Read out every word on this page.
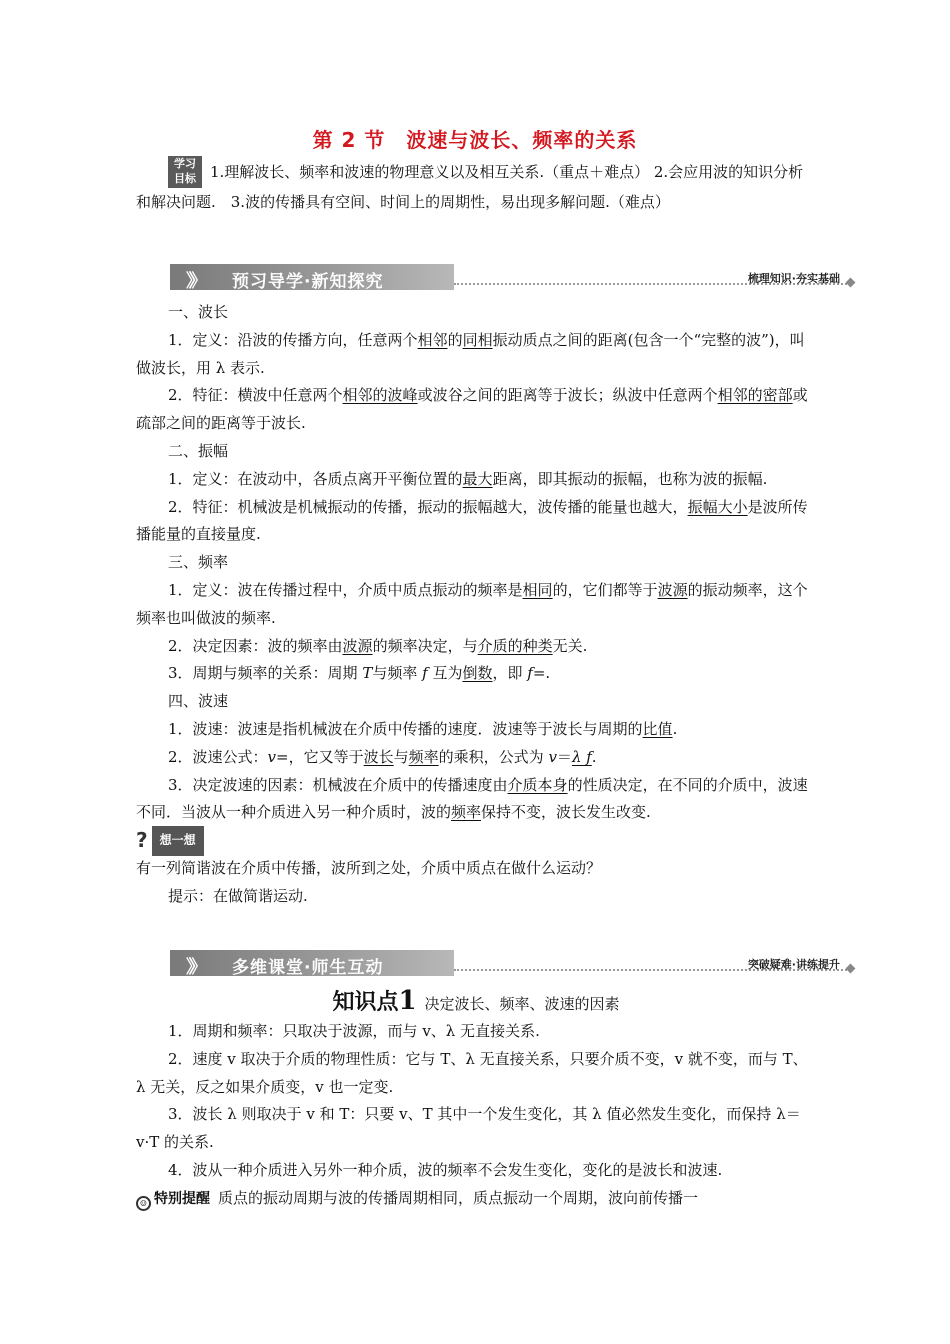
第 2 节　波速与波长、频率的关系
学习
目标 1.理解波长、频率和波速的物理意义以及相互关系.（重点＋难点） 2.会应用波的知识分析和解决问题.　3.波的传播具有空间、时间上的周期性，易出现多解问题.（难点）
》》 预习导学·新知探究	梳理知识·夯实基础

一、波长

1．定义：沿波的传播方向，任意两个相邻的同相振动质点之间的距离(包含一个“完整的波”)，叫做波长，用 λ 表示.

2．特征：横波中任意两个相邻的波峰或波谷之间的距离等于波长；纵波中任意两个相邻的密部或疏部之间的距离等于波长.

二、振幅

1．定义：在波动中，各质点离开平衡位置的最大距离，即其振动的振幅，也称为波的振幅.

2．特征：机械波是机械振动的传播，振动的振幅越大，波传播的能量也越大，振幅大小是波所传播能量的直接量度.

三、频率

1．定义：波在传播过程中，介质中质点振动的频率是相同的，它们都等于波源的振动频率，这个频率也叫做波的频率.

2．决定因素：波的频率由波源的频率决定，与介质的种类无关.

3．周期与频率的关系：周期 T与频率 f 互为倒数，即 f=.

四、波速

1．波速：波速是指机械波在介质中传播的速度．波速等于波长与周期的比值.

2．波速公式：v=，它又等于波长与频率的乘积，公式为 v＝λ f.

3．决定波速的因素：机械波在介质中的传播速度由介质本身的性质决定，在不同的介质中，波速不同．当波从一种介质进入另一种介质时，波的频率保持不变，波长发生改变.

?	想一想

有一列简谐波在介质中传播，波所到之处，介质中质点在做什么运动？

提示：在做简谐运动.

》》 多维课堂·师生互动	突破疑难·讲练提升
知识点1 决定波长、频率、波速的因素

1．周期和频率：只取决于波源，而与 v、λ 无直接关系.

2．速度 v 取决于介质的物理性质：它与 T、λ 无直接关系，只要介质不变，v 就不变，而与 T、λ 无关，反之如果介质变，v 也一定变.

3．波长 λ 则取决于 v 和 T：只要 v、T 其中一个发生变化，其 λ 值必然发生变化，而保持 λ＝v·T 的关系.

4．波从一种介质进入另外一种介质，波的频率不会发生变化，变化的是波长和波速.

☺ 特别提醒 质点的振动周期与波的传播周期相同，质点振动一个周期，波向前传播一
